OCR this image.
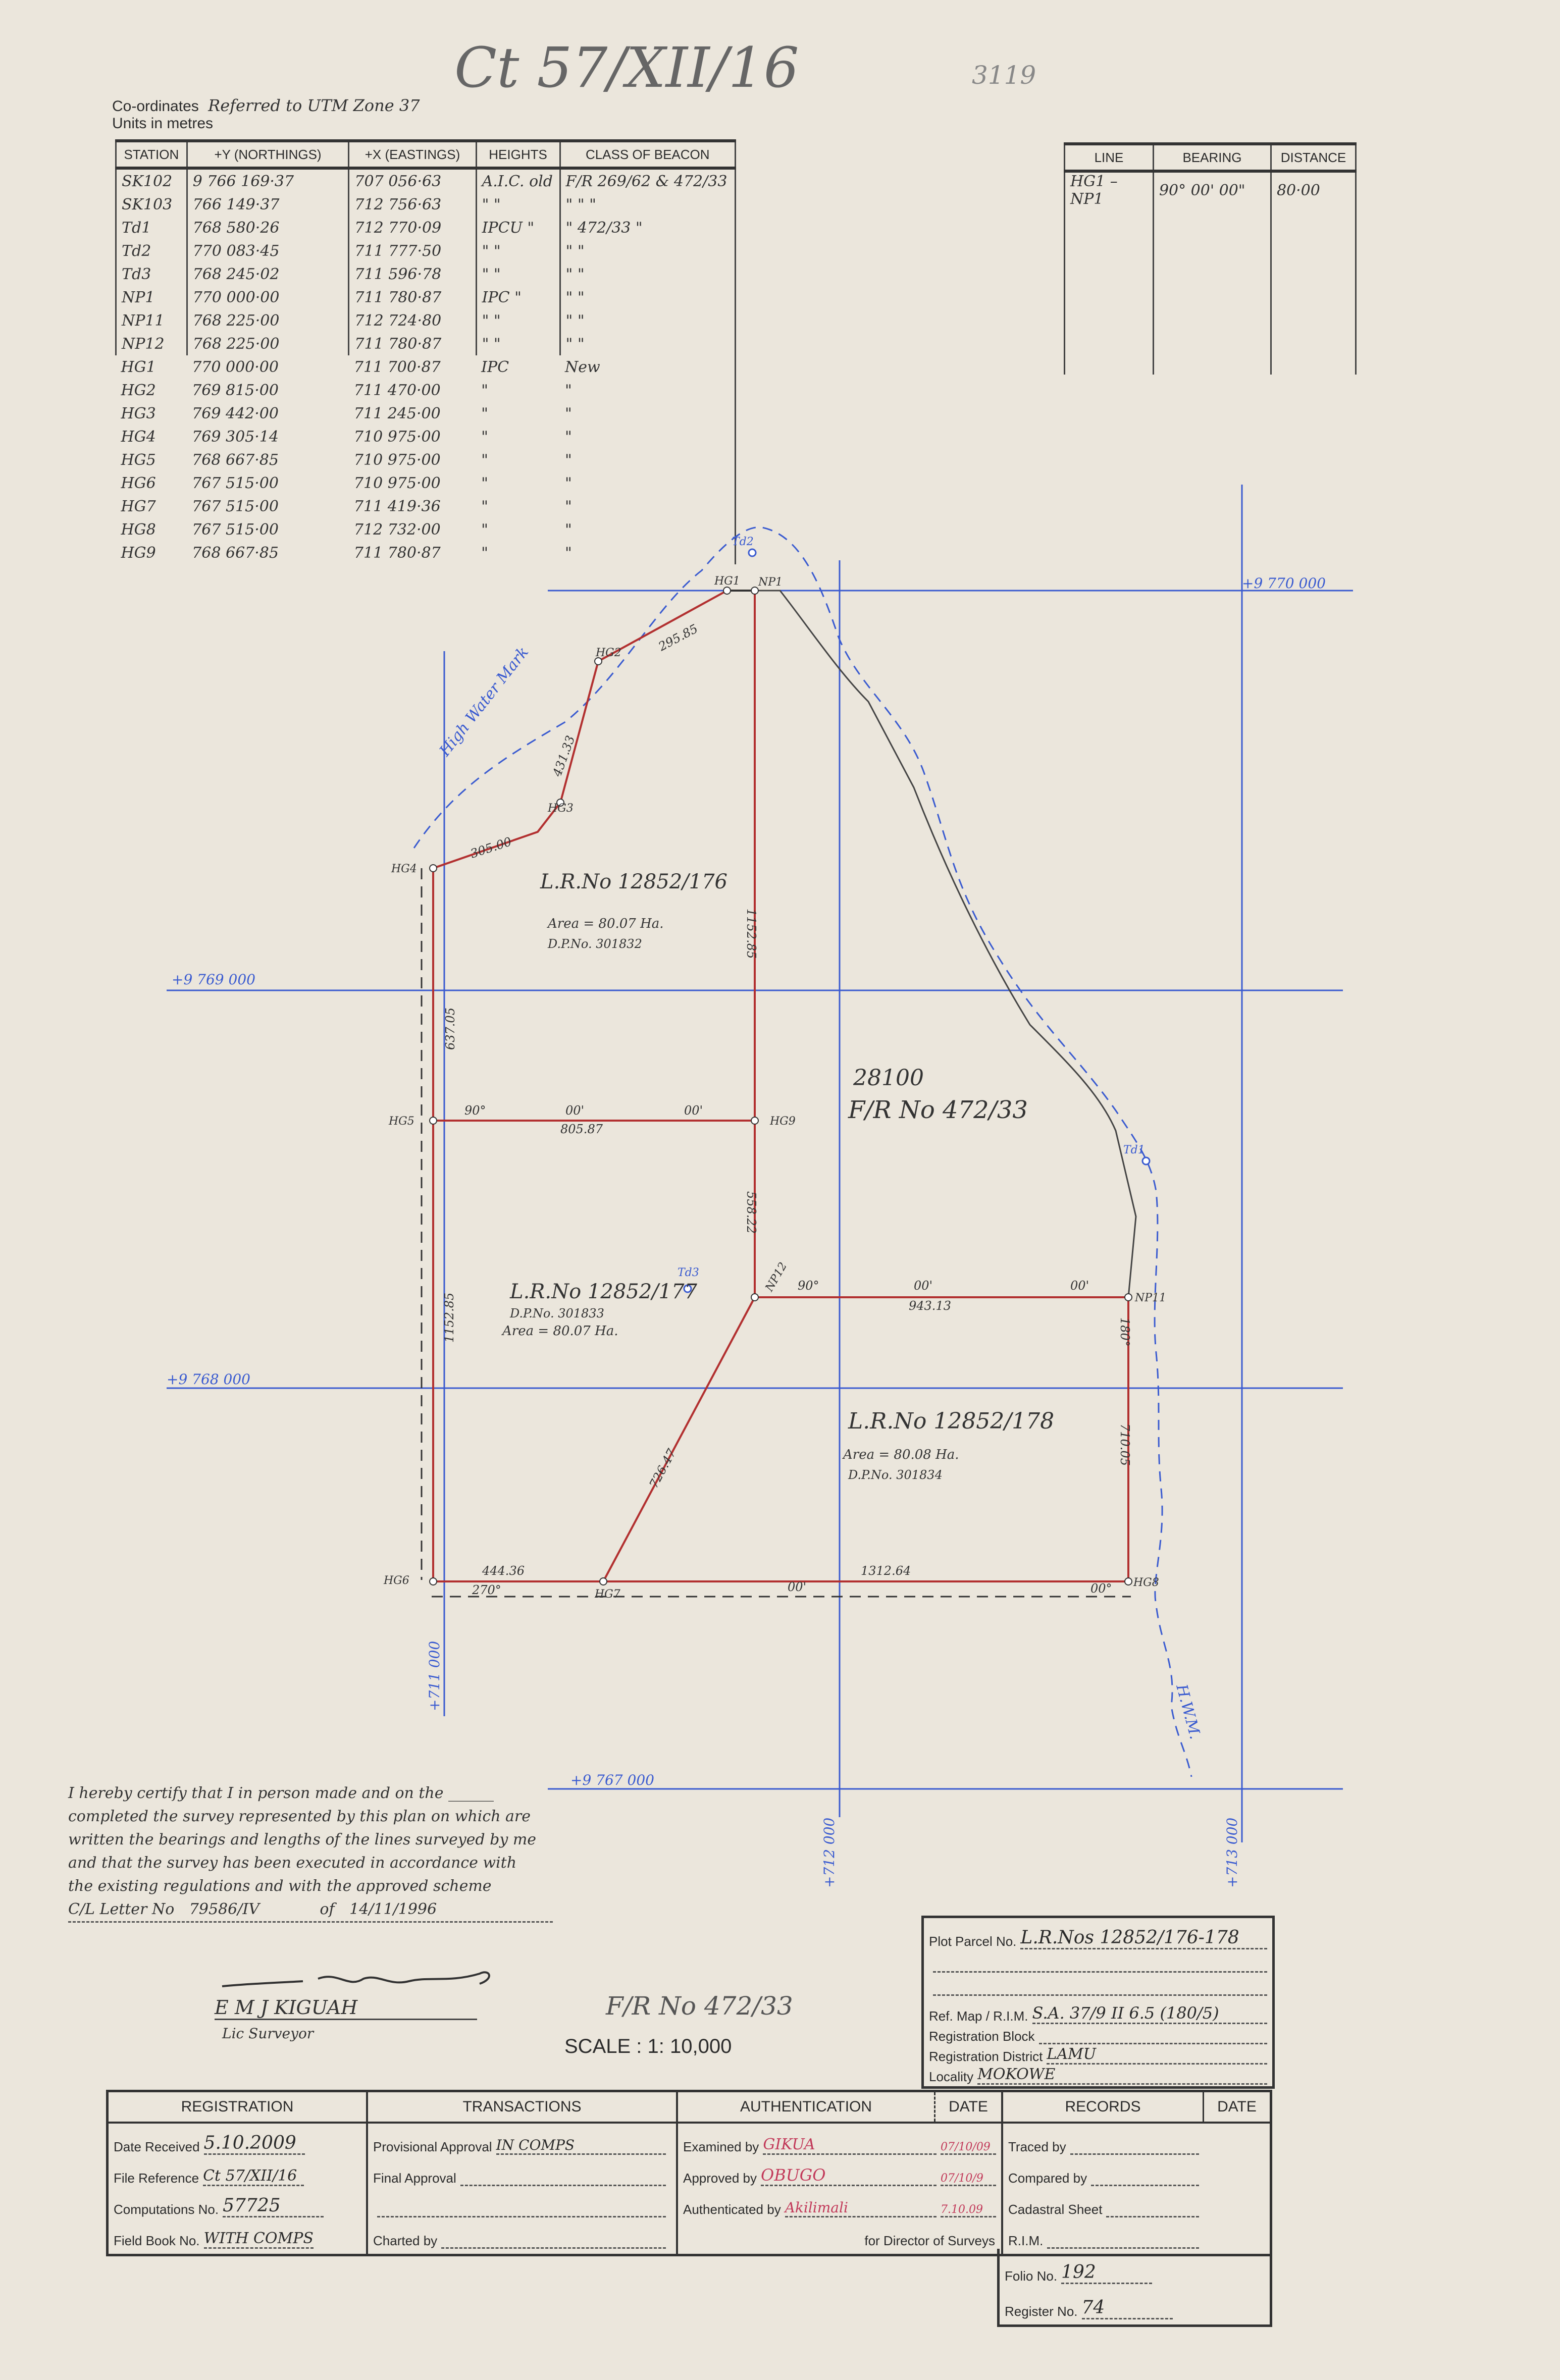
Ct 57/XII/16	3119
Co-ordinates Referred to UTM Zone 37
Units in metres
STATION	+Y (NORTHINGS)	+X (EASTINGS)	HEIGHTS	CLASS OF BEACON
SK102	9 766 169·37	707 056·63	A.I.C. old	F/R 269/62 & 472/33
SK103	766 149·37	712 756·63	" "	" " "
Td1	768 580·26	712 770·09	IPCU "	" 472/33 "
Td2	770 083·45	711 777·50	" "	" "
Td3	768 245·02	711 596·78	" "	" "
NP1	770 000·00	711 780·87	IPC "	" "
NP11	768 225·00	712 724·80	" "	" "
NP12	768 225·00	711 780·87	" "	" "
HG1	770 000·00	711 700·87	IPC	New
HG2	769 815·00	711 470·00	"	"
HG3	769 442·00	711 245·00	"	"
HG4	769 305·14	710 975·00	"	"
HG5	768 667·85	710 975·00	"	"
HG6	767 515·00	710 975·00	"	"
HG7	767 515·00	711 419·36	"	"
HG8	767 515·00	712 732·00	"	"
HG9	768 667·85	711 780·87	"	"
LINE	BEARING	DISTANCE
HG1 – NP1	90° 00' 00"	80·00

+9 770 000
+9 769 000
+9 768 000
+9 767 000
+711 000
+712 000	+713 000
High Water Mark
H.W.M.
HG1
HG2
HG3
HG4
HG5
HG6
HG7
HG8
HG9
NP1
NP11
NP12
Td1
Td2
Td3
637.05
1152.85
805.87
90°	00'	00'
444.36
270°
1312.64
00'	00°
1152.85
558.22
943.13
90°	00'	00'
710.05
180°
726.47
295.85
431.33
305.00
L.R.No 12852/176
Area = 80.07 Ha.
D.P.No. 301832
L.R.No 12852/177
D.P.No. 301833
Area = 80.07 Ha.
L.R.No 12852/178
Area = 80.08 Ha.
D.P.No. 301834
28100
F/R No 472/33
I hereby certify that I in person made and on the ______
completed the survey represented by this plan on which are
written the bearings and lengths of the lines surveyed by me
and that the survey has been executed in accordance with
the existing regulations and with the approved scheme
C/L Letter No 79586/IV	of 14/11/1996
E M J KIGUAH
Lic Surveyor
F/R No 472/33
SCALE : 1: 10,000
Plot Parcel No. L.R.Nos 12852/176-178
Ref. Map / R.I.M. S.A. 37/9 II 6.5 (180/5)
Registration Block
Registration District LAMU
Locality MOKOWE
REGISTRATION
Date Received 5.10.2009
File Reference Ct 57/XII/16
Computations No. 57725
Field Book No. WITH COMPS
TRANSACTIONS
Provisional Approval IN COMPS
Final Approval
Charted by
AUTHENTICATION	DATE
Examined by GIKUA	07/10/09
Approved by OBUGO	07/10/9
Authenticated by Akilimali	7.10.09
for Director of Surveys
RECORDS	DATE
Traced by
Compared by
Cadastral Sheet
R.I.M.
Folio No. 192
Register No. 74
